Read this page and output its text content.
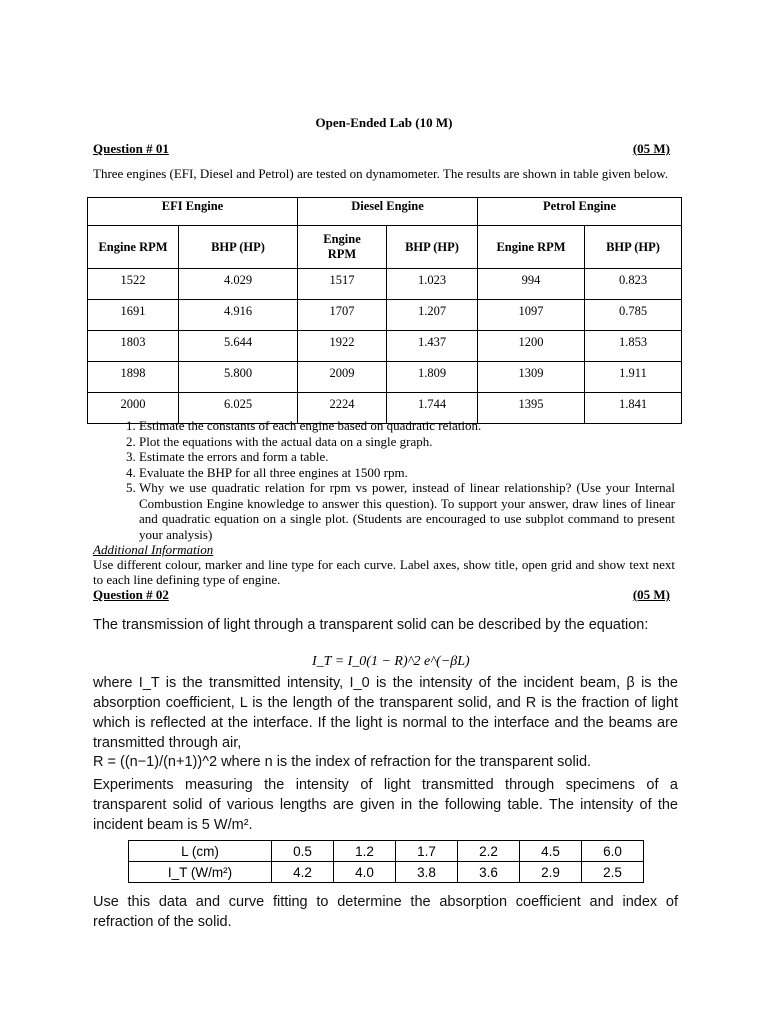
Open-Ended Lab (10 M)
Question # 01	(05 M)
Three engines (EFI, Diesel and Petrol) are tested on dynamometer. The results are shown in table given below.
EFI Engine		Diesel Engine		Petrol Engine	
Engine RPM	BHP (HP)	Engine RPM	BHP (HP)	Engine RPM	BHP (HP)
1522	4.029	1517	1.023	994	0.823
1691	4.916	1707	1.207	1097	0.785
1803	5.644	1922	1.437	1200	1.853
1898	5.800	2009	1.809	1309	1.911
2000	6.025	2224	1.744	1395	1.841
1. Estimate the constants of each engine based on quadratic relation.
2. Plot the equations with the actual data on a single graph.
3. Estimate the errors and form a table.
4. Evaluate the BHP for all three engines at 1500 rpm.
5. Why we use quadratic relation for rpm vs power, instead of linear relationship? (Use your Internal Combustion Engine knowledge to answer this question). To support your answer, draw lines of linear and quadratic equation on a single plot. (Students are encouraged to use subplot command to present your analysis)
Additional Information
Use different colour, marker and line type for each curve. Label axes, show title, open grid and show text next to each line defining type of engine.
Question # 02	(05 M)
The transmission of light through a transparent solid can be described by the equation:
I_T = I_0(1 − R)^2 e^(−βL)
where I_T is the transmitted intensity, I_0 is the intensity of the incident beam, β is the absorption coefficient, L is the length of the transparent solid, and R is the fraction of light which is reflected at the interface. If the light is normal to the interface and the beams are transmitted through air,
R = ((n−1)/(n+1))^2 where n is the index of refraction for the transparent solid.
Experiments measuring the intensity of light transmitted through specimens of a transparent solid of various lengths are given in the following table. The intensity of the incident beam is 5 W/m².
L (cm)	0.5	1.2	1.7	2.2	4.5	6.0
I_T (W/m²)	4.2	4.0	3.8	3.6	2.9	2.5
Use this data and curve fitting to determine the absorption coefficient and index of refraction of the solid.
